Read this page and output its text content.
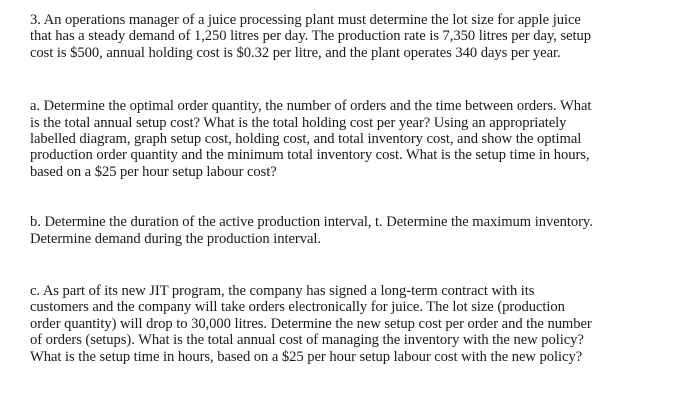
3. An operations manager of a juice processing plant must determine the lot size for apple juice
that has a steady demand of 1,250 litres per day. The production rate is 7,350 litres per day, setup
cost is $500, annual holding cost is $0.32 per litre, and the plant operates 340 days per year.

a. Determine the optimal order quantity, the number of orders and the time between orders. What
is the total annual setup cost? What is the total holding cost per year? Using an appropriately
labelled diagram, graph setup cost, holding cost, and total inventory cost, and show the optimal
production order quantity and the minimum total inventory cost. What is the setup time in hours,
based on a $25 per hour setup labour cost?

b. Determine the duration of the active production interval, t. Determine the maximum inventory.
Determine demand during the production interval.

c. As part of its new JIT program, the company has signed a long-term contract with its
customers and the company will take orders electronically for juice. The lot size (production
order quantity) will drop to 30,000 litres. Determine the new setup cost per order and the number
of orders (setups). What is the total annual cost of managing the inventory with the new policy?
What is the setup time in hours, based on a $25 per hour setup labour cost with the new policy?
